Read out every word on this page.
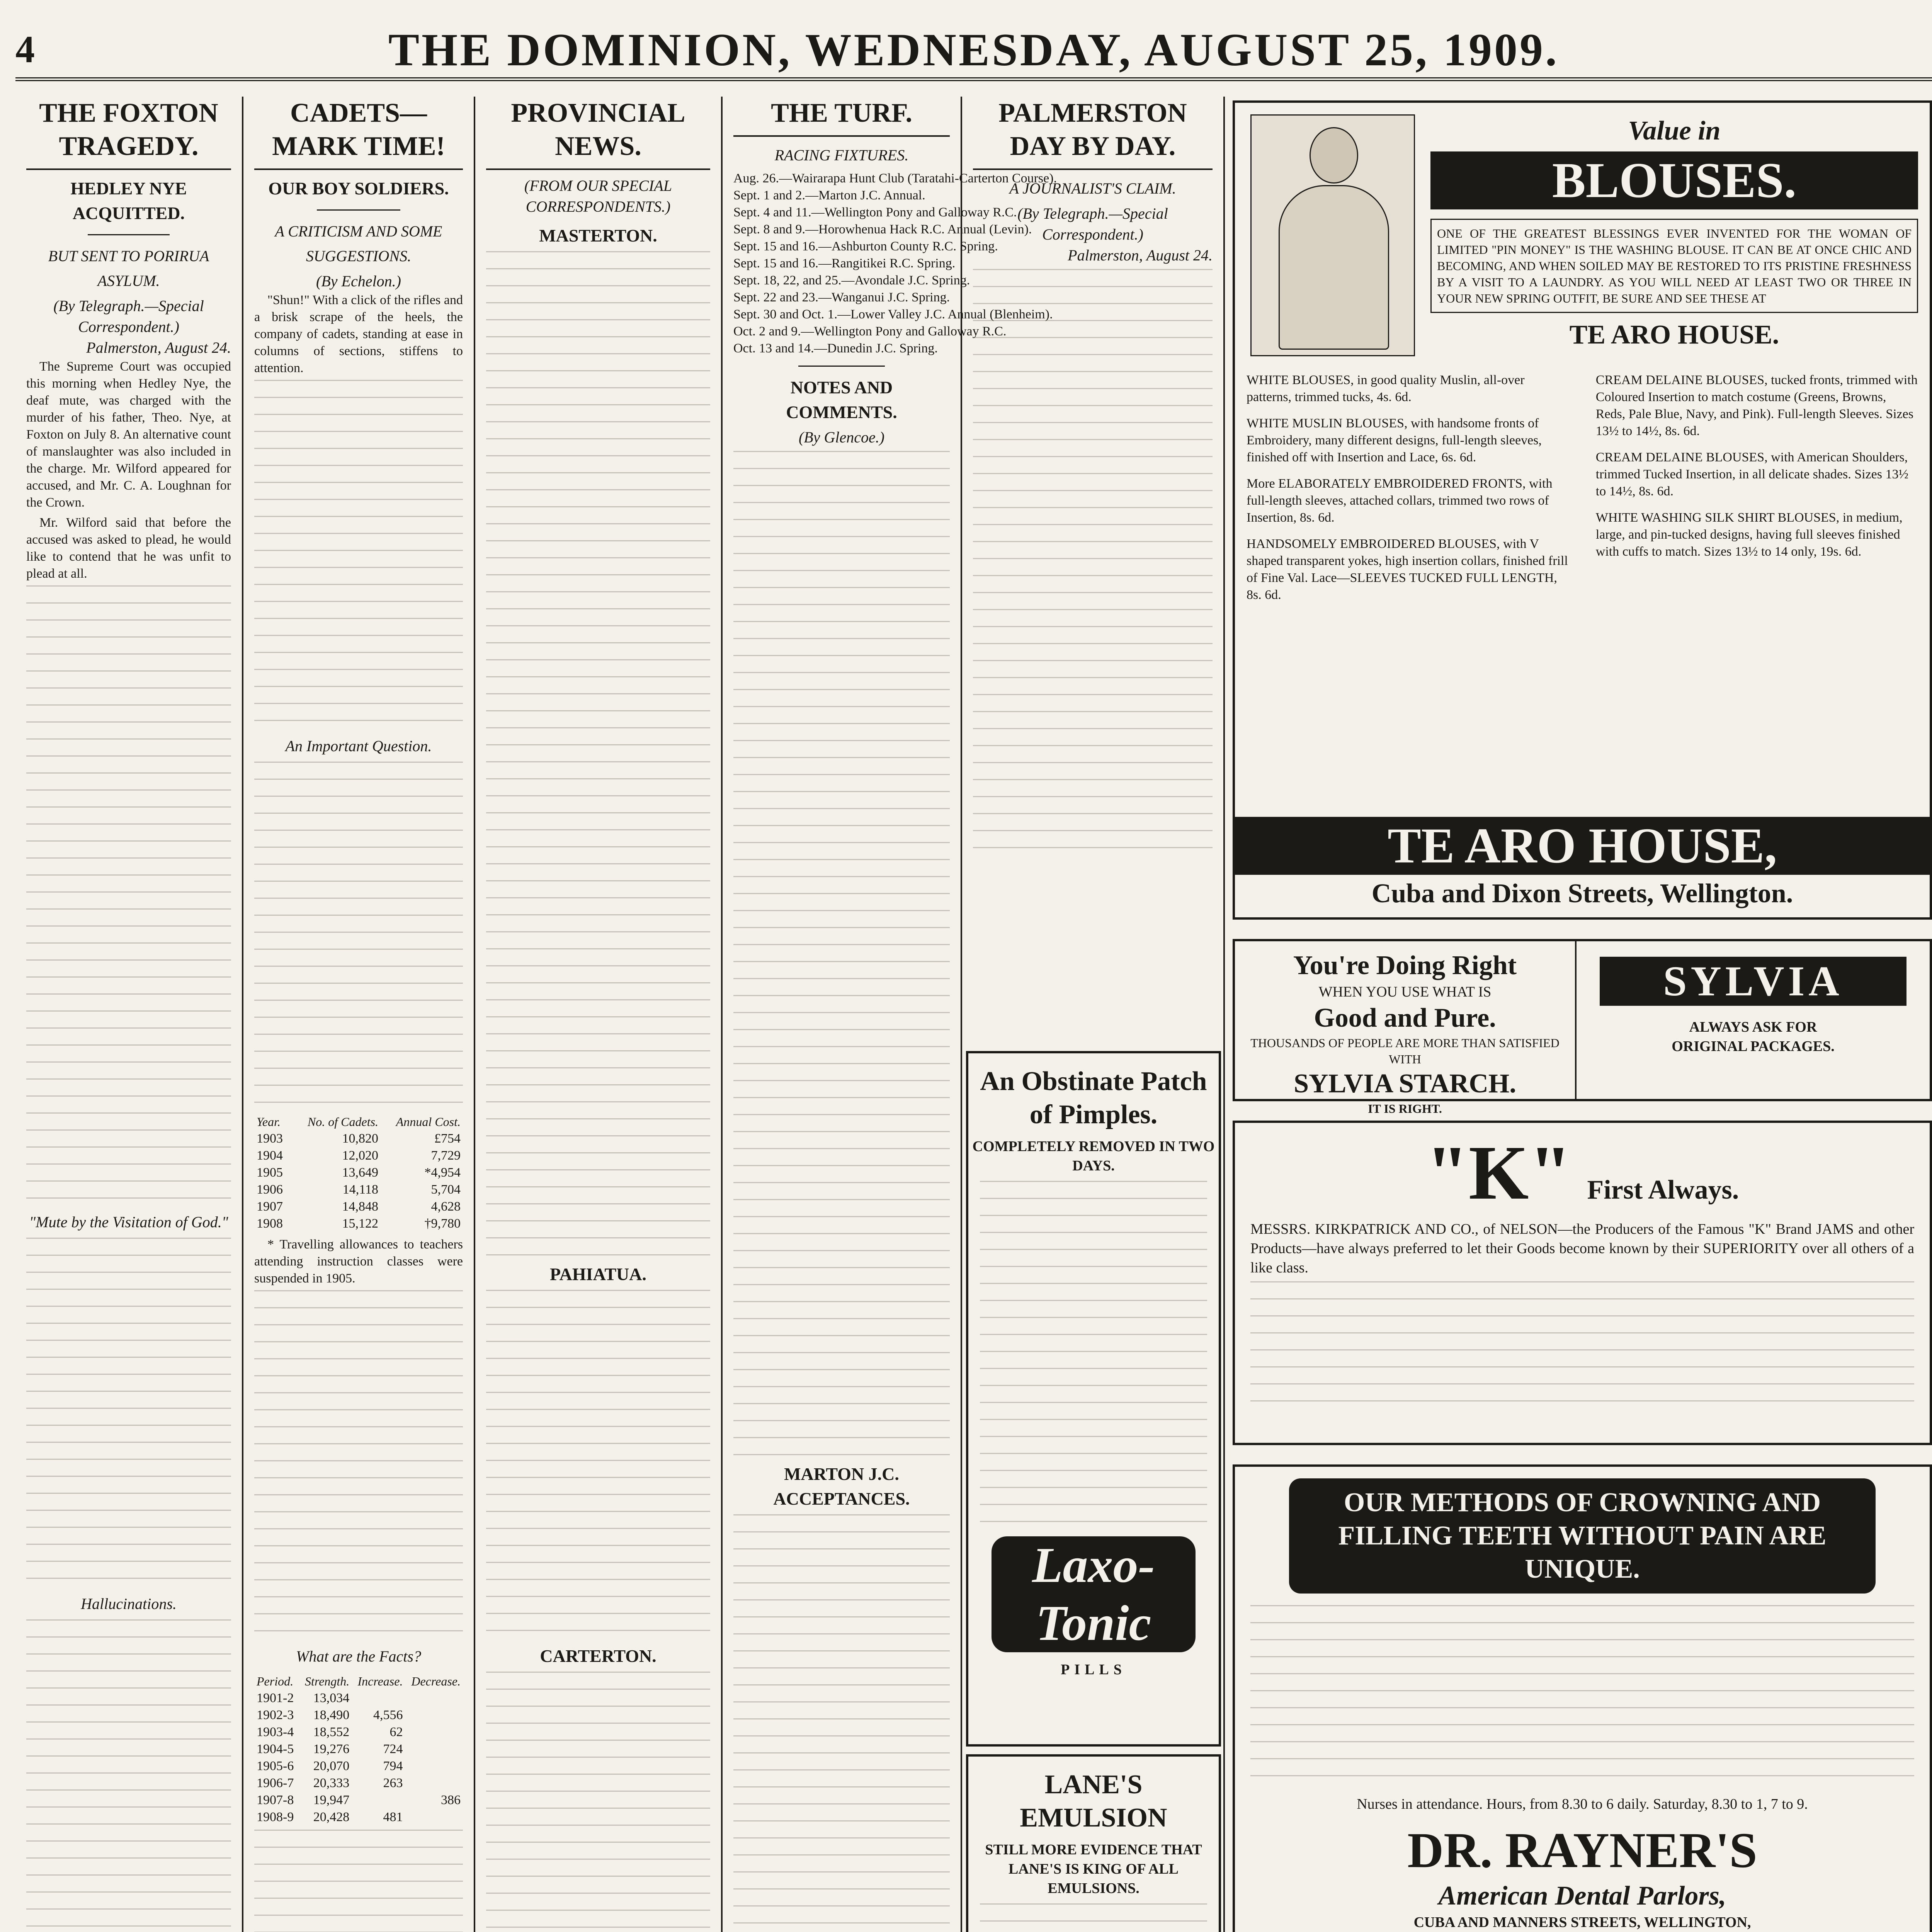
4	THE DOMINION, WEDNESDAY, AUGUST 25, 1909.
THE FOXTON TRAGEDY.
HEDLEY NYE ACQUITTED.
BUT SENT TO PORIRUA ASYLUM.
(By Telegraph.—Special Correspondent.)
Palmerston, August 24.

The Supreme Court was occupied this morning when Hedley Nye, the deaf mute, was charged with the murder of his father, Theo. Nye, at Foxton on July 8. An alternative count of manslaughter was also included in the charge. Mr. Wilford appeared for accused, and Mr. C. A. Loughnan for the Crown.

Mr. Wilford said that before the accused was asked to plead, he would like to contend that he was unfit to plead at all.

"Mute by the Visitation of God."
Hallucinations.

CADETS—MARK TIME!
OUR BOY SOLDIERS.
A CRITICISM AND SOME SUGGESTIONS.
(By Echelon.)

"Shun!" With a click of the rifles and a brisk scrape of the heels, the company of cadets, standing at ease in columns of sections, stiffens to attention.

An Important Question.
Year.	No. of Cadets.	Annual Cost.
1903	10,820	£754
1904	12,020	7,729
1905	13,649	*4,954
1906	14,118	5,704
1907	14,848	4,628
1908	15,122	†9,780

* Travelling allowances to teachers attending instruction classes were suspended in 1905.

What are the Facts?
Period.	Strength.	Increase.	Decrease.
1901-2	13,034		
1902-3	18,490	4,556	
1903-4	18,552	62	
1904-5	19,276	724	
1905-6	20,070	794	
1906-7	20,333	263	
1907-8	19,947		386
1908-9	20,428	481	
PROVINCIAL NEWS.
(FROM OUR SPECIAL CORRESPONDENTS.)
MASTERTON.
PAHIATUA.
CARTERTON.
THE TURF.
RACING FIXTURES.
Aug. 26.—Wairarapa Hunt Club (Taratahi-Carterton Course).
Sept. 1 and 2.—Marton J.C. Annual.
Sept. 4 and 11.—Wellington Pony and Galloway R.C.
Sept. 8 and 9.—Horowhenua Hack R.C. Annual (Levin).
Sept. 15 and 16.—Ashburton County R.C. Spring.
Sept. 15 and 16.—Rangitikei R.C. Spring.
Sept. 18, 22, and 25.—Avondale J.C. Spring.
Sept. 22 and 23.—Wanganui J.C. Spring.
Sept. 30 and Oct. 1.—Lower Valley J.C. Annual (Blenheim).
Oct. 2 and 9.—Wellington Pony and Galloway R.C.
Oct. 13 and 14.—Dunedin J.C. Spring.
NOTES AND COMMENTS.
(By Glencoe.)
MARTON J.C. ACCEPTANCES.
PALMERSTON DAY BY DAY.
A JOURNALIST'S CLAIM.
(By Telegraph.—Special Correspondent.)
Palmerston, August 24.
An Obstinate Patch of Pimples.
COMPLETELY REMOVED IN TWO DAYS.
Laxo-Tonic
PILLS
LANE'S EMULSION
STILL MORE EVIDENCE THAT LANE'S IS KING OF ALL EMULSIONS.
Value in
BLOUSES.
ONE OF THE GREATEST BLESSINGS EVER INVENTED FOR THE WOMAN OF LIMITED "PIN MONEY" IS THE WASHING BLOUSE. IT CAN BE AT ONCE CHIC AND BECOMING, AND WHEN SOILED MAY BE RESTORED TO ITS PRISTINE FRESHNESS BY A VISIT TO A LAUNDRY. AS YOU WILL NEED AT LEAST TWO OR THREE IN YOUR NEW SPRING OUTFIT, BE SURE AND SEE THESE AT
TE ARO HOUSE.
WHITE BLOUSES, in good quality Muslin, all-over patterns, trimmed tucks, 4s. 6d.
WHITE MUSLIN BLOUSES, with handsome fronts of Embroidery, many different designs, full-length sleeves, finished off with Insertion and Lace, 6s. 6d.
More ELABORATELY EMBROIDERED FRONTS, with full-length sleeves, attached collars, trimmed two rows of Insertion, 8s. 6d.
HANDSOMELY EMBROIDERED BLOUSES, with V shaped transparent yokes, high insertion collars, finished frill of Fine Val. Lace—SLEEVES TUCKED FULL LENGTH, 8s. 6d.
CREAM DELAINE BLOUSES, tucked fronts, trimmed with Coloured Insertion to match costume (Greens, Browns, Reds, Pale Blue, Navy, and Pink). Full-length Sleeves. Sizes 13½ to 14½, 8s. 6d.
CREAM DELAINE BLOUSES, with American Shoulders, trimmed Tucked Insertion, in all delicate shades. Sizes 13½ to 14½, 8s. 6d.
WHITE WASHING SILK SHIRT BLOUSES, in medium, large, and pin-tucked designs, having full sleeves finished with cuffs to match. Sizes 13½ to 14 only, 19s. 6d.
TE ARO HOUSE,
Cuba and Dixon Streets, Wellington.
You're Doing Right
WHEN YOU USE WHAT IS
Good and Pure.
THOUSANDS OF PEOPLE ARE MORE THAN SATISFIED WITH
SYLVIA STARCH.
IT IS RIGHT.
SYLVIA
ALWAYS ASK FOR
ORIGINAL PACKAGES.
"K" First Always.
MESSRS. KIRKPATRICK AND CO., of NELSON—the Producers of the Famous "K" Brand JAMS and other Products—have always preferred to let their Goods become known by their SUPERIORITY over all others of a like class.
OUR METHODS OF CROWNING AND FILLING TEETH WITHOUT PAIN ARE UNIQUE.
Nurses in attendance. Hours, from 8.30 to 6 daily. Saturday, 8.30 to 1, 7 to 9.
DR. RAYNER'S
American Dental Parlors,
CUBA AND MANNERS STREETS, WELLINGTON,
